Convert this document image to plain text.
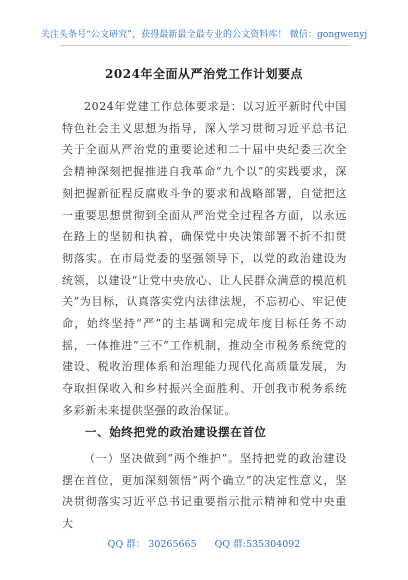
关注头条号“公文研究”，获得最新最全最专业的公文资料库！ 微信：gongwenyj
2024年全面从严治党工作计划要点

2024年党建工作总体要求是：以习近平新时代中国特色社会主义思想为指导，深入学习贯彻习近平总书记关于全面从严治党的重要论述和二十届中央纪委三次全会精神深刻把握推进自我革命“九个以”的实践要求，深刻把握新征程反腐败斗争的要求和战略部署，自觉把这一重要思想贯彻到全面从严治党全过程各方面，以永远在路上的坚韧和执着，确保党中央决策部署不折不扣贯彻落实。在市局党委的坚强领导下，以党的政治建设为统领，以建设“让党中央放心、让人民群众满意的模范机关”为目标，认真落实党内法律法规，不忘初心、牢记使命，始终坚持“严”的主基调和完成年度目标任务不动摇，一体推进“三不”工作机制，推动全市税务系统党的建设、税收治理体系和治理能力现代化高质量发展，为夺取担保收入和乡村振兴全面胜利、开创我市税务系统多彩新未来提供坚强的政治保证。

一、始终把党的政治建设摆在首位

（一）坚决做到“两个维护”。坚持把党的政治建设摆在首位，更加深刻领悟“两个确立”的决定性意义，坚决贯彻落实习近平总书记重要指示批示精神和党中央重大

QQ 群： 30265665 QQ 群:535304092
